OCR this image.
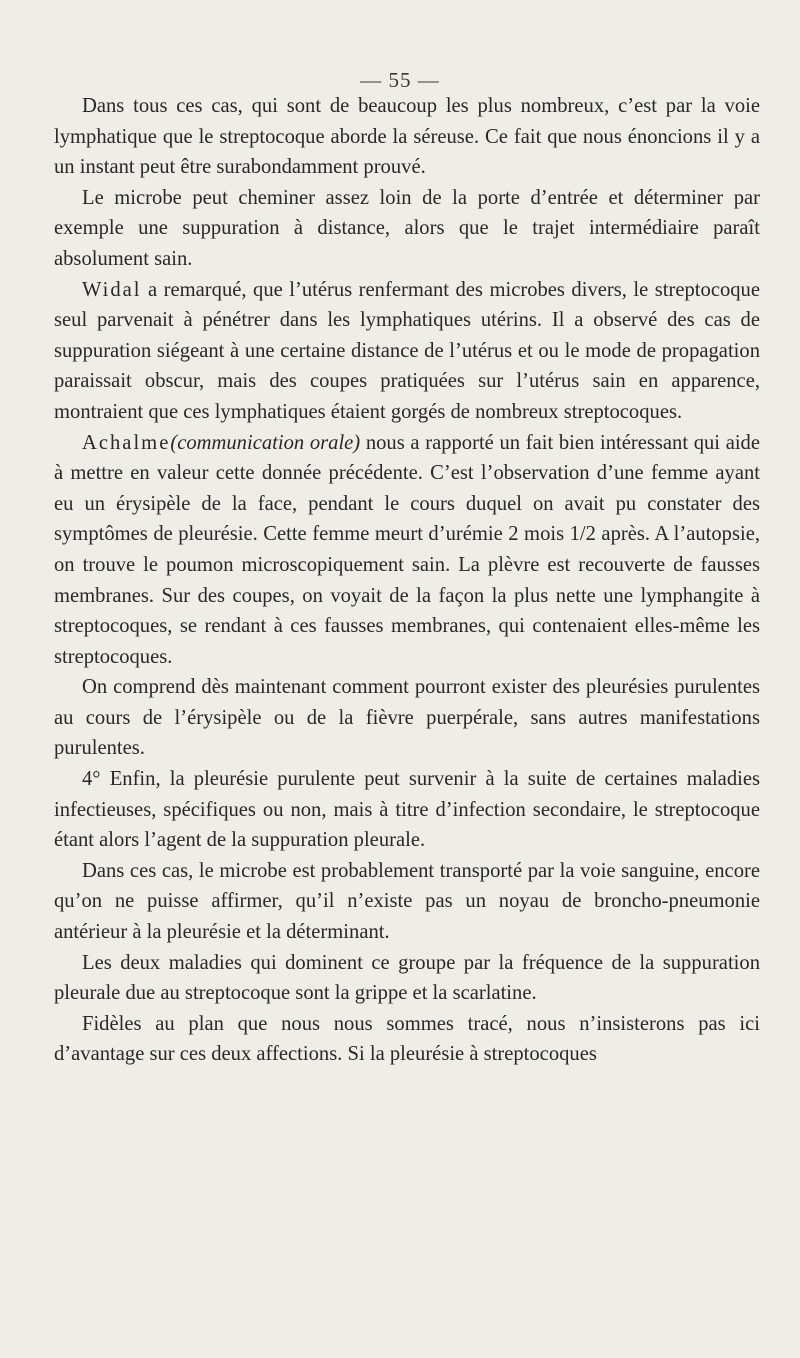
— 55 —

Dans tous ces cas, qui sont de beaucoup les plus nombreux, c’est par la voie lymphatique que le streptocoque aborde la séreuse. Ce fait que nous énoncions il y a un instant peut être surabondamment prouvé.

Le microbe peut cheminer assez loin de la porte d’entrée et déterminer par exemple une suppuration à distance, alors que le trajet intermédiaire paraît absolument sain.

Widal a remarqué, que l’utérus renfermant des microbes divers, le streptocoque seul parvenait à pénétrer dans les lymphatiques utérins. Il a observé des cas de suppuration siégeant à une certaine distance de l’utérus et ou le mode de propagation paraissait obscur, mais des coupes pratiquées sur l’utérus sain en apparence, montraient que ces lymphatiques étaient gorgés de nombreux streptocoques.

Achalme(communication orale) nous a rapporté un fait bien intéressant qui aide à mettre en valeur cette donnée précédente. C’est l’observation d’une femme ayant eu un érysipèle de la face, pendant le cours duquel on avait pu constater des symptômes de pleurésie. Cette femme meurt d’urémie 2 mois 1/2 après. A l’autopsie, on trouve le poumon microscopiquement sain. La plèvre est recouverte de fausses membranes. Sur des coupes, on voyait de la façon la plus nette une lymphangite à streptocoques, se rendant à ces fausses membranes, qui contenaient elles-même les streptocoques.

On comprend dès maintenant comment pourront exister des pleurésies purulentes au cours de l’érysipèle ou de la fièvre puerpérale, sans autres manifestations purulentes.

4° Enfin, la pleurésie purulente peut survenir à la suite de certaines maladies infectieuses, spécifiques ou non, mais à titre d’infection secondaire, le streptocoque étant alors l’agent de la suppuration pleurale.

Dans ces cas, le microbe est probablement transporté par la voie sanguine, encore qu’on ne puisse affirmer, qu’il n’existe pas un noyau de broncho-pneumonie antérieur à la pleurésie et la déterminant.

Les deux maladies qui dominent ce groupe par la fréquence de la suppuration pleurale due au streptocoque sont la grippe et la scarlatine.

Fidèles au plan que nous nous sommes tracé, nous n’insisterons pas ici d’avantage sur ces deux affections. Si la pleurésie à streptocoques
